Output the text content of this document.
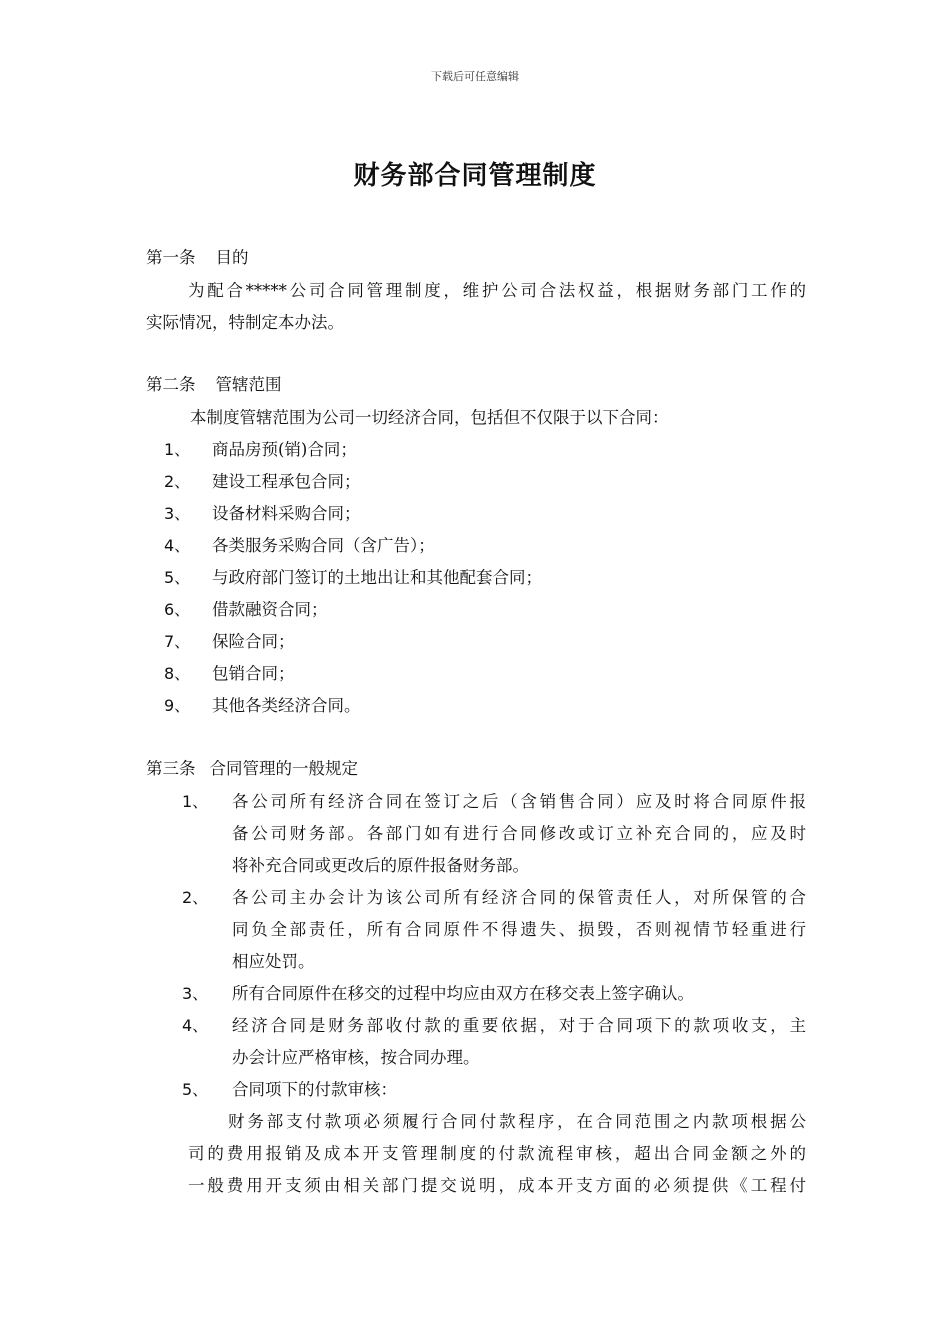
下载后可任意编辑
财务部合同管理制度
第一条 目的
为配合*****公司合同管理制度，维护公司合法权益，根据财务部门工作的
实际情况，特制定本办法。
第二条 管辖范围
本制度管辖范围为公司一切经济合同，包括但不仅限于以下合同：
1、 商品房预(销)合同；
2、 建设工程承包合同；
3、 设备材料采购合同；
4、 各类服务采购合同（含广告）；
5、 与政府部门签订的土地出让和其他配套合同；
6、 借款融资合同；
7、 保险合同；
8、 包销合同；
9、 其他各类经济合同。
第三条 合同管理的一般规定
1、 各公司所有经济合同在签订之后（含销售合同）应及时将合同原件报
备公司财务部。各部门如有进行合同修改或订立补充合同的，应及时
将补充合同或更改后的原件报备财务部。
2、 各公司主办会计为该公司所有经济合同的保管责任人，对所保管的合
同负全部责任，所有合同原件不得遗失、损毁，否则视情节轻重进行
相应处罚。
3、 所有合同原件在移交的过程中均应由双方在移交表上签字确认。
4、 经济合同是财务部收付款的重要依据，对于合同项下的款项收支，主
办会计应严格审核，按合同办理。
5、 合同项下的付款审核：
财务部支付款项必须履行合同付款程序，在合同范围之内款项根据公
司的费用报销及成本开支管理制度的付款流程审核，超出合同金额之外的
一般费用开支须由相关部门提交说明，成本开支方面的必须提供《工程付
